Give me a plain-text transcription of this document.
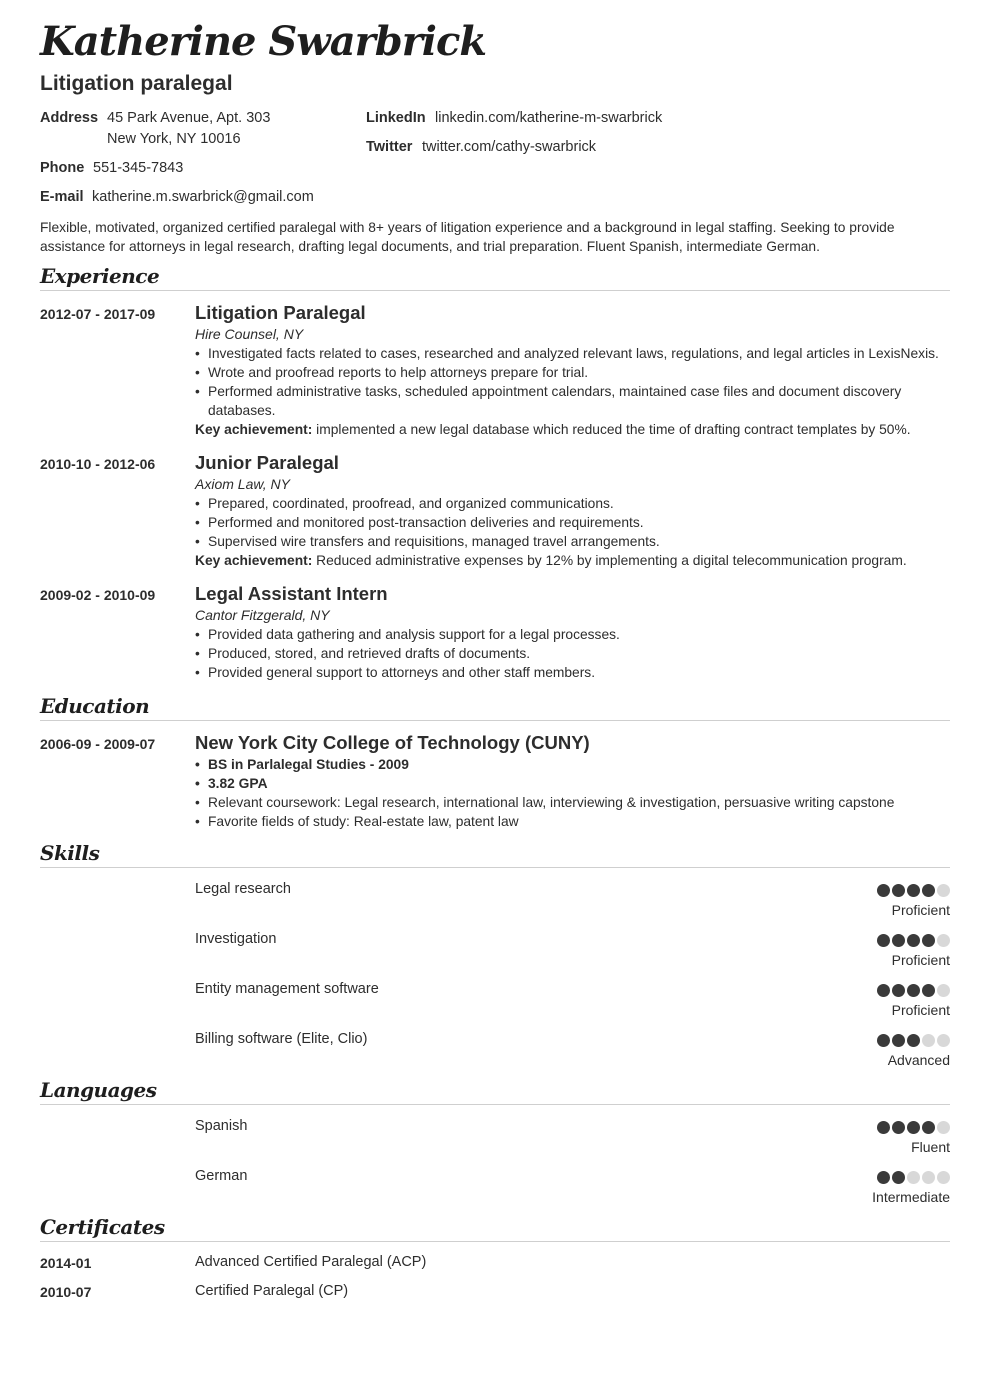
Katherine Swarbrick
Litigation paralegal
Address 45 Park Avenue, Apt. 303
New York, NY 10016
Phone 551-345-7843
E-mail katherine.m.swarbrick@gmail.com
LinkedIn linkedin.com/katherine-m-swarbrick
Twitter twitter.com/cathy-swarbrick
Flexible, motivated, organized certified paralegal with 8+ years of litigation experience and a background in legal staffing. Seeking to provide assistance for attorneys in legal research, drafting legal documents, and trial preparation. Fluent Spanish, intermediate German.
Experience
2012-07 - 2017-09 Litigation Paralegal
Hire Counsel, NY
• Investigated facts related to cases, researched and analyzed relevant laws, regulations, and legal articles in LexisNexis.
• Wrote and proofread reports to help attorneys prepare for trial.
• Performed administrative tasks, scheduled appointment calendars, maintained case files and document discovery databases.
Key achievement: implemented a new legal database which reduced the time of drafting contract templates by 50%.
2010-10 - 2012-06 Junior Paralegal
Axiom Law, NY
• Prepared, coordinated, proofread, and organized communications.
• Performed and monitored post-transaction deliveries and requirements.
• Supervised wire transfers and requisitions, managed travel arrangements.
Key achievement: Reduced administrative expenses by 12% by implementing a digital telecommunication program.
2009-02 - 2010-09 Legal Assistant Intern
Cantor Fitzgerald, NY
• Provided data gathering and analysis support for a legal processes.
• Produced, stored, and retrieved drafts of documents.
• Provided general support to attorneys and other staff members.
Education
2006-09 - 2009-07 New York City College of Technology (CUNY)
• BS in Parlalegal Studies - 2009
• 3.82 GPA
• Relevant coursework: Legal research, international law, interviewing & investigation, persuasive writing capstone
• Favorite fields of study: Real-estate law, patent law
Skills
Legal research
Proficient
Investigation
Proficient
Entity management software
Proficient
Billing software (Elite, Clio)
Advanced
Languages
Spanish
Fluent
German
Intermediate
Certificates
2014-01	Advanced Certified Paralegal (ACP)
2010-07	Certified Paralegal (CP)
